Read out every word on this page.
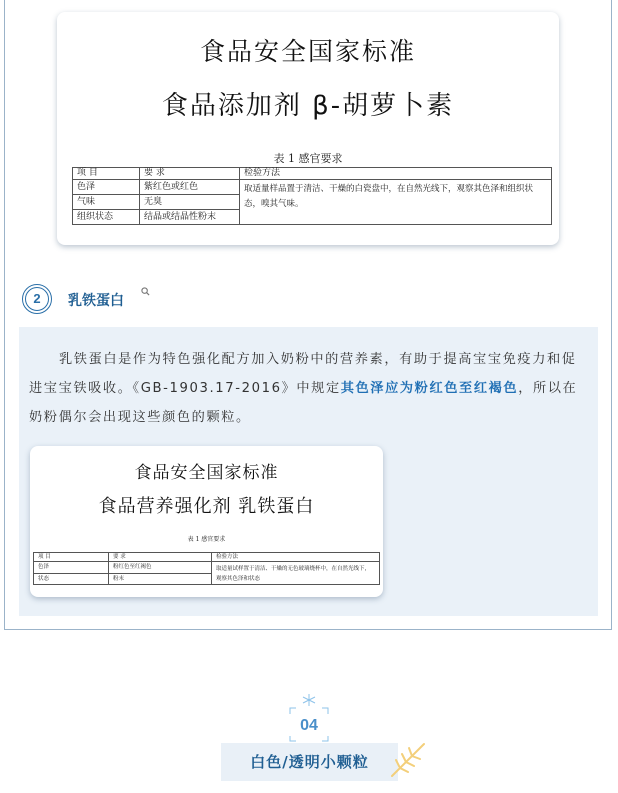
食品安全国家标准
食品添加剂 β-胡萝卜素
表 1 感官要求
项 目	要 求	检验方法
色泽	紫红色或红色	取适量样品置于清洁、干燥的白瓷盘中，在自然光线下，观察其色泽和组织状态，嗅其气味。
气味	无臭	
组织状态	结晶或结晶性粉末	
2	乳铁蛋白
乳铁蛋白是作为特色强化配方加入奶粉中的营养素，有助于提高宝宝免疫力和促进宝宝铁吸收。《GB-1903.17-2016》中规定其色泽应为粉红色至红褐色，所以在奶粉偶尔会出现这些颜色的颗粒。
食品安全国家标准
食品营养强化剂 乳铁蛋白
表 1 感官要求
项 目	要 求	检验方法
色泽	粉红色至红褐色	取适量试样置于清洁、干燥的无色玻璃烧杯中，在自然光线下，观察其色泽和状态
状态	粉末	
04
白色/透明小颗粒
